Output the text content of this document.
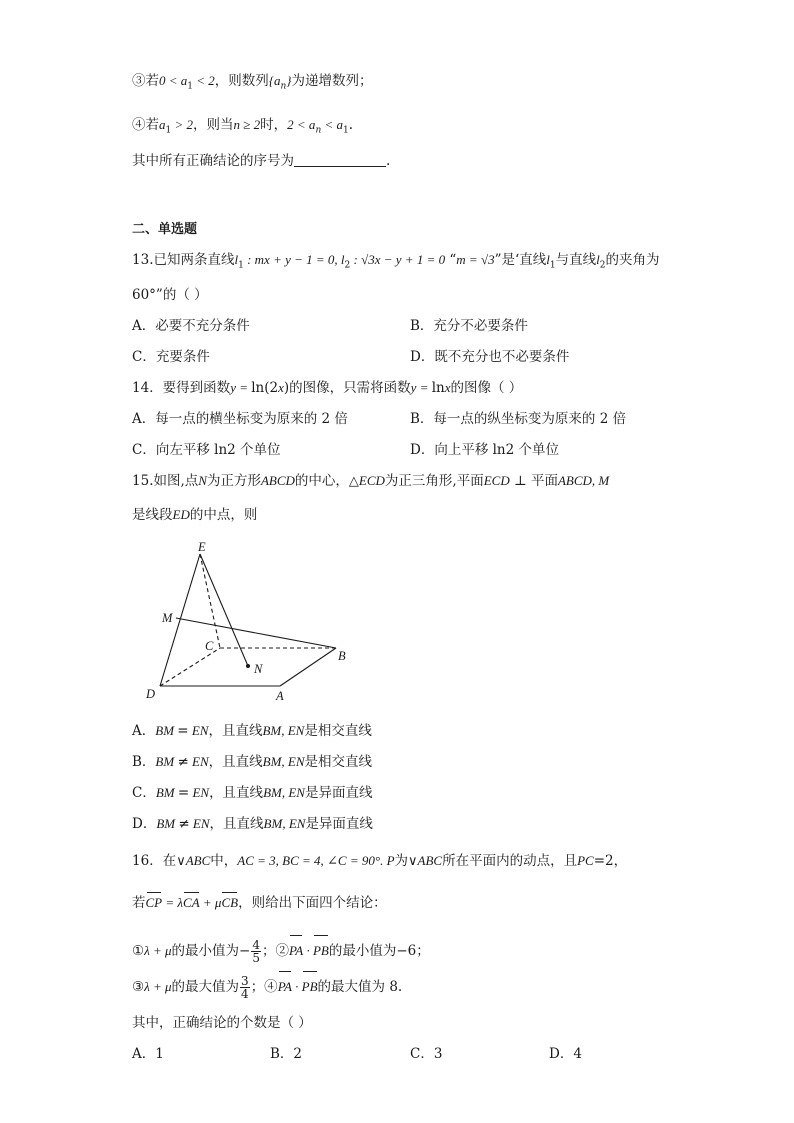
③若$0 < a_1 < 2$，则数列$\{a_n\}$为递增数列；
④若$a_1 > 2$，则当n ≥ 2时，$2 < a_n < a_1$.
其中所有正确结论的序号为	.
二、单选题
13.已知两条直线$l_1$ : mx + y − 1 = 0, $l_2$ : √3x − y + 1 = 0 “m = √3”是‘直线$l_1$与直线$l_2$的夹角为
60°”的（ ）
A．必要不充分条件	B．充分不必要条件
C．充要条件	D．既不充分也不必要条件
14．要得到函数y = ln(2x)的图像，只需将函数y = lnx的图像（ ）
A．每一点的横坐标变为原来的 2 倍	B．每一点的纵坐标变为原来的 2 倍
C．向左平移 ln2 个单位	D．向上平移 ln2 个单位
15.如图,点N为正方形ABCD的中心，△ECD为正三角形,平面ECD ⊥ 平面ABCD, M
是线段ED的中点，则
E
M
C
N
B
D	A
A．BM = EN，且直线BM, EN是相交直线
B．BM ≠ EN，且直线BM, EN是相交直线
C．BM = EN，且直线BM, EN是异面直线
D．BM ≠ EN，且直线BM, EN是异面直线
16．在∨ABC中，AC = 3, BC = 4, ∠C = 90°. P为∨ABC所在平面内的动点，且PC=2，
若CP = λCA + μCB，则给出下面四个结论：
①λ + μ的最小值为− $\frac{4}{5}$ ；②PA · PB的最小值为−6；
③λ + μ的最大值为 $\frac{3}{4}$ ；④PA · PB的最大值为 8.
其中，正确结论的个数是（ ）
A．1	B．2	C．3	D．4
